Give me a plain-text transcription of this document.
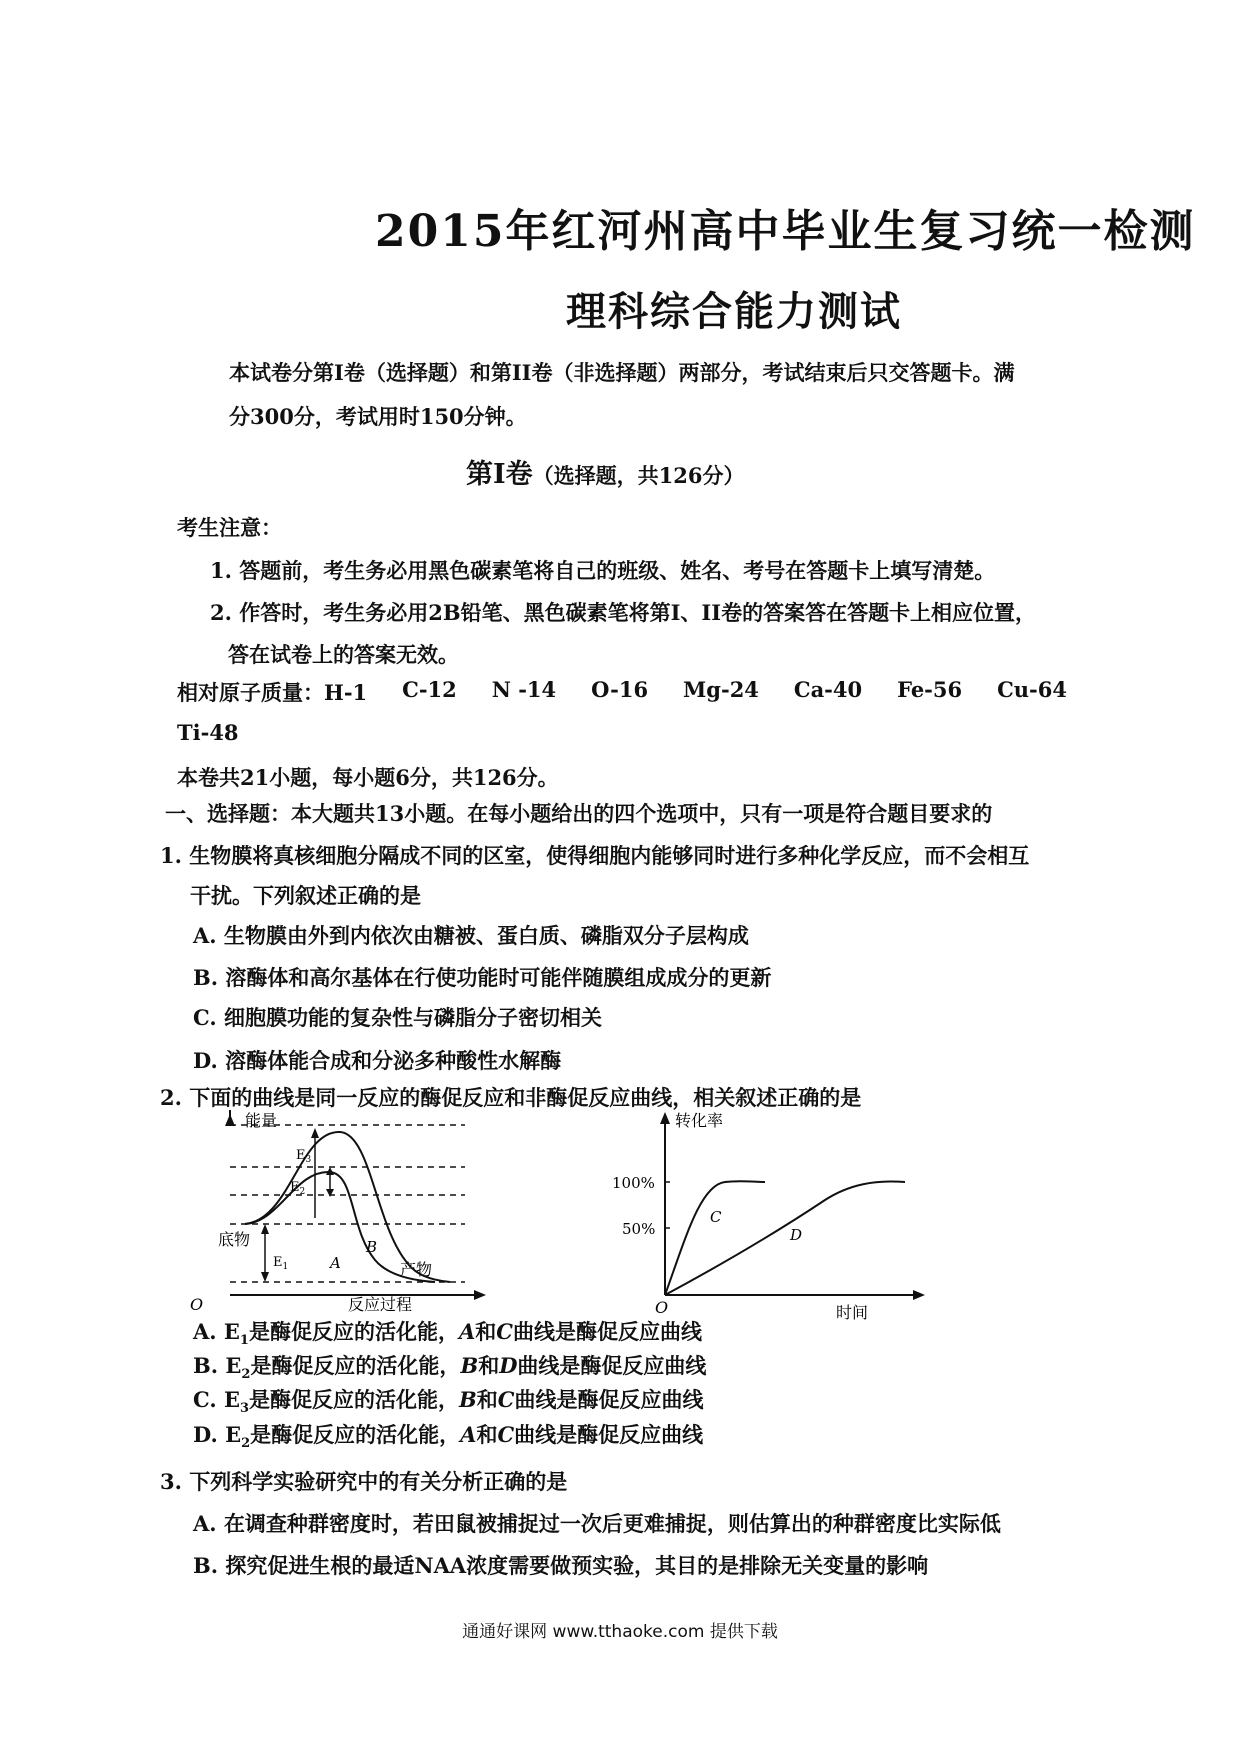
2015年红河州高中毕业生复习统一检测
理科综合能力测试
本试卷分第I卷（选择题）和第II卷（非选择题）两部分，考试结束后只交答题卡。满
分300分，考试用时150分钟。
第I卷（选择题，共126分）
考生注意：
1. 答题前，考生务必用黑色碳素笔将自己的班级、姓名、考号在答题卡上填写清楚。
2. 作答时，考生务必用2B铅笔、黑色碳素笔将第I、II卷的答案答在答题卡上相应位置，
答在试卷上的答案无效。
相对原子质量：H-1 C-12 N -14 O-16 Mg-24 Ca-40 Fe-56 Cu-64
Ti-48
本卷共21小题，每小题6分，共126分。
一、选择题：本大题共13小题。在每小题给出的四个选项中，只有一项是符合题目要求的
1. 生物膜将真核细胞分隔成不同的区室，使得细胞内能够同时进行多种化学反应，而不会相互
干扰。下列叙述正确的是
A. 生物膜由外到内依次由糖被、蛋白质、磷脂双分子层构成
B. 溶酶体和高尔基体在行使功能时可能伴随膜组成成分的更新
C. 细胞膜功能的复杂性与磷脂分子密切相关
D. 溶酶体能合成和分泌多种酸性水解酶
2. 下面的曲线是同一反应的酶促反应和非酶促反应曲线，相关叙述正确的是
能量
反应过程
O
底物
产物
$E_1$
$E_2$
$E_3$
A
B
转化率
时间
O
100%
50%
C
D
A. $E_1$是酶促反应的活化能，A和C曲线是酶促反应曲线
B. $E_2$是酶促反应的活化能，B和D曲线是酶促反应曲线
C. $E_3$是酶促反应的活化能，B和C曲线是酶促反应曲线
D. $E_2$是酶促反应的活化能，A和C曲线是酶促反应曲线
3. 下列科学实验研究中的有关分析正确的是
A. 在调查种群密度时，若田鼠被捕捉过一次后更难捕捉，则估算出的种群密度比实际低
B. 探究促进生根的最适NAA浓度需要做预实验，其目的是排除无关变量的影响
通通好课网 www.tthaoke.com 提供下载
